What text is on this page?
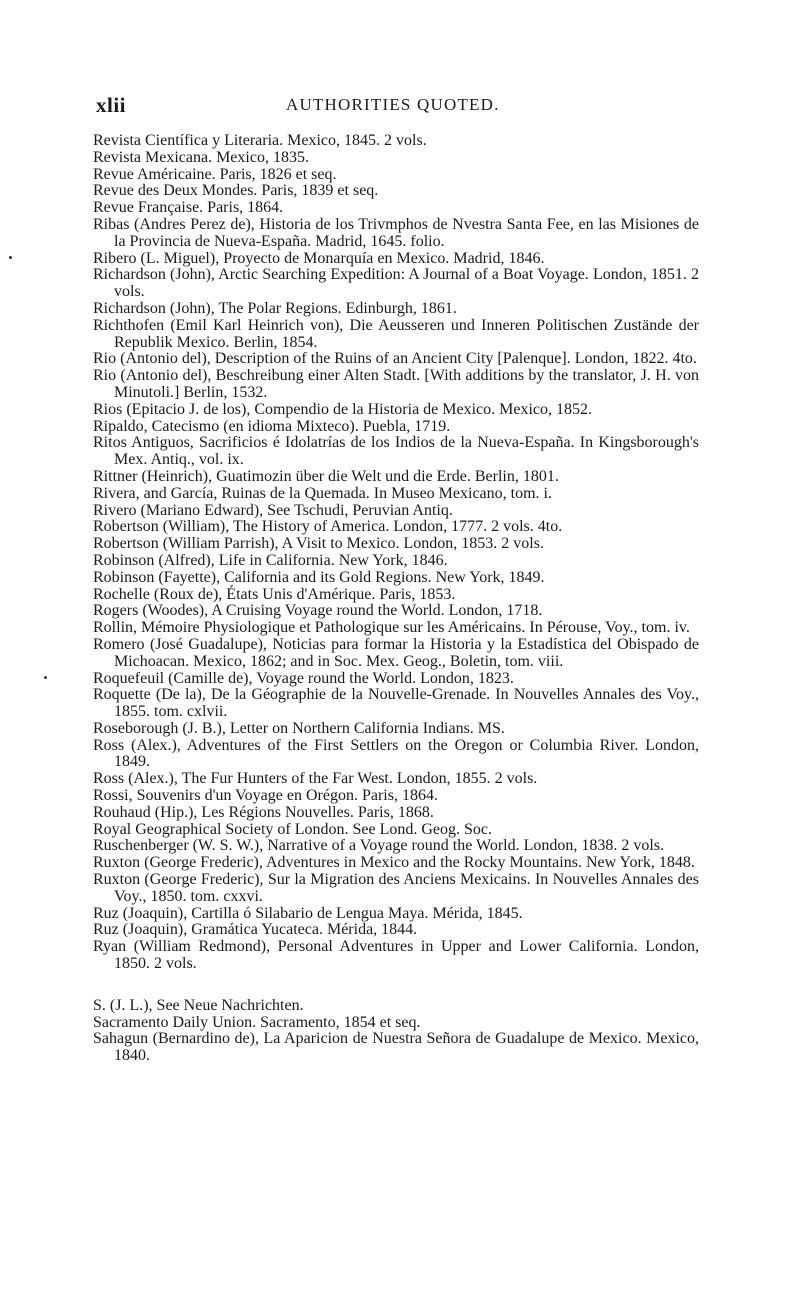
xlii	AUTHORITIES QUOTED.
Revista Científica y Literaria. Mexico, 1845. 2 vols.
Revista Mexicana. Mexico, 1835.
Revue Américaine. Paris, 1826 et seq.
Revue des Deux Mondes. Paris, 1839 et seq.
Revue Française. Paris, 1864.
Ribas (Andres Perez de), Historia de los Trivmphos de Nvestra Santa Fee, en las Misiones de la Provincia de Nueva-España. Madrid, 1645. folio.
Ribero (L. Miguel), Proyecto de Monarquía en Mexico. Madrid, 1846.
Richardson (John), Arctic Searching Expedition: A Journal of a Boat Voyage. London, 1851. 2 vols.
Richardson (John), The Polar Regions. Edinburgh, 1861.
Richthofen (Emil Karl Heinrich von), Die Aeusseren und Inneren Politischen Zustände der Republik Mexico. Berlin, 1854.
Rio (Antonio del), Description of the Ruins of an Ancient City [Palenque]. London, 1822. 4to.
Rio (Antonio del), Beschreibung einer Alten Stadt. [With additions by the translator, J. H. von Minutoli.] Berlin, 1532.
Rios (Epitacio J. de los), Compendio de la Historia de Mexico. Mexico, 1852.
Ripaldo, Catecismo (en idioma Mixteco). Puebla, 1719.
Ritos Antiguos, Sacrificios é Idolatrías de los Indios de la Nueva-España. In Kingsborough's Mex. Antiq., vol. ix.
Rittner (Heinrich), Guatimozin über die Welt und die Erde. Berlin, 1801.
Rivera, and García, Ruinas de la Quemada. In Museo Mexicano, tom. i.
Rivero (Mariano Edward), See Tschudi, Peruvian Antiq.
Robertson (William), The History of America. London, 1777. 2 vols. 4to.
Robertson (William Parrish), A Visit to Mexico. London, 1853. 2 vols.
Robinson (Alfred), Life in California. New York, 1846.
Robinson (Fayette), California and its Gold Regions. New York, 1849.
Rochelle (Roux de), États Unis d'Amérique. Paris, 1853.
Rogers (Woodes), A Cruising Voyage round the World. London, 1718.
Rollin, Mémoire Physiologique et Pathologique sur les Américains. In Pérouse, Voy., tom. iv.
Romero (José Guadalupe), Noticias para formar la Historia y la Estadística del Obispado de Michoacan. Mexico, 1862; and in Soc. Mex. Geog., Boletin, tom. viii.
Roquefeuil (Camille de), Voyage round the World. London, 1823.
Roquette (De la), De la Géographie de la Nouvelle-Grenade. In Nouvelles Annales des Voy., 1855. tom. cxlvii.
Roseborough (J. B.), Letter on Northern California Indians. MS.
Ross (Alex.), Adventures of the First Settlers on the Oregon or Columbia River. London, 1849.
Ross (Alex.), The Fur Hunters of the Far West. London, 1855. 2 vols.
Rossi, Souvenirs d'un Voyage en Orégon. Paris, 1864.
Rouhaud (Hip.), Les Régions Nouvelles. Paris, 1868.
Royal Geographical Society of London. See Lond. Geog. Soc.
Ruschenberger (W. S. W.), Narrative of a Voyage round the World. London, 1838. 2 vols.
Ruxton (George Frederic), Adventures in Mexico and the Rocky Mountains. New York, 1848.
Ruxton (George Frederic), Sur la Migration des Anciens Mexicains. In Nouvelles Annales des Voy., 1850. tom. cxxvi.
Ruz (Joaquin), Cartilla ó Silabario de Lengua Maya. Mérida, 1845.
Ruz (Joaquin), Gramática Yucateca. Mérida, 1844.
Ryan (William Redmond), Personal Adventures in Upper and Lower California. London, 1850. 2 vols.
S. (J. L.), See Neue Nachrichten.
Sacramento Daily Union. Sacramento, 1854 et seq.
Sahagun (Bernardino de), La Aparicion de Nuestra Señora de Guadalupe de Mexico. Mexico, 1840.
